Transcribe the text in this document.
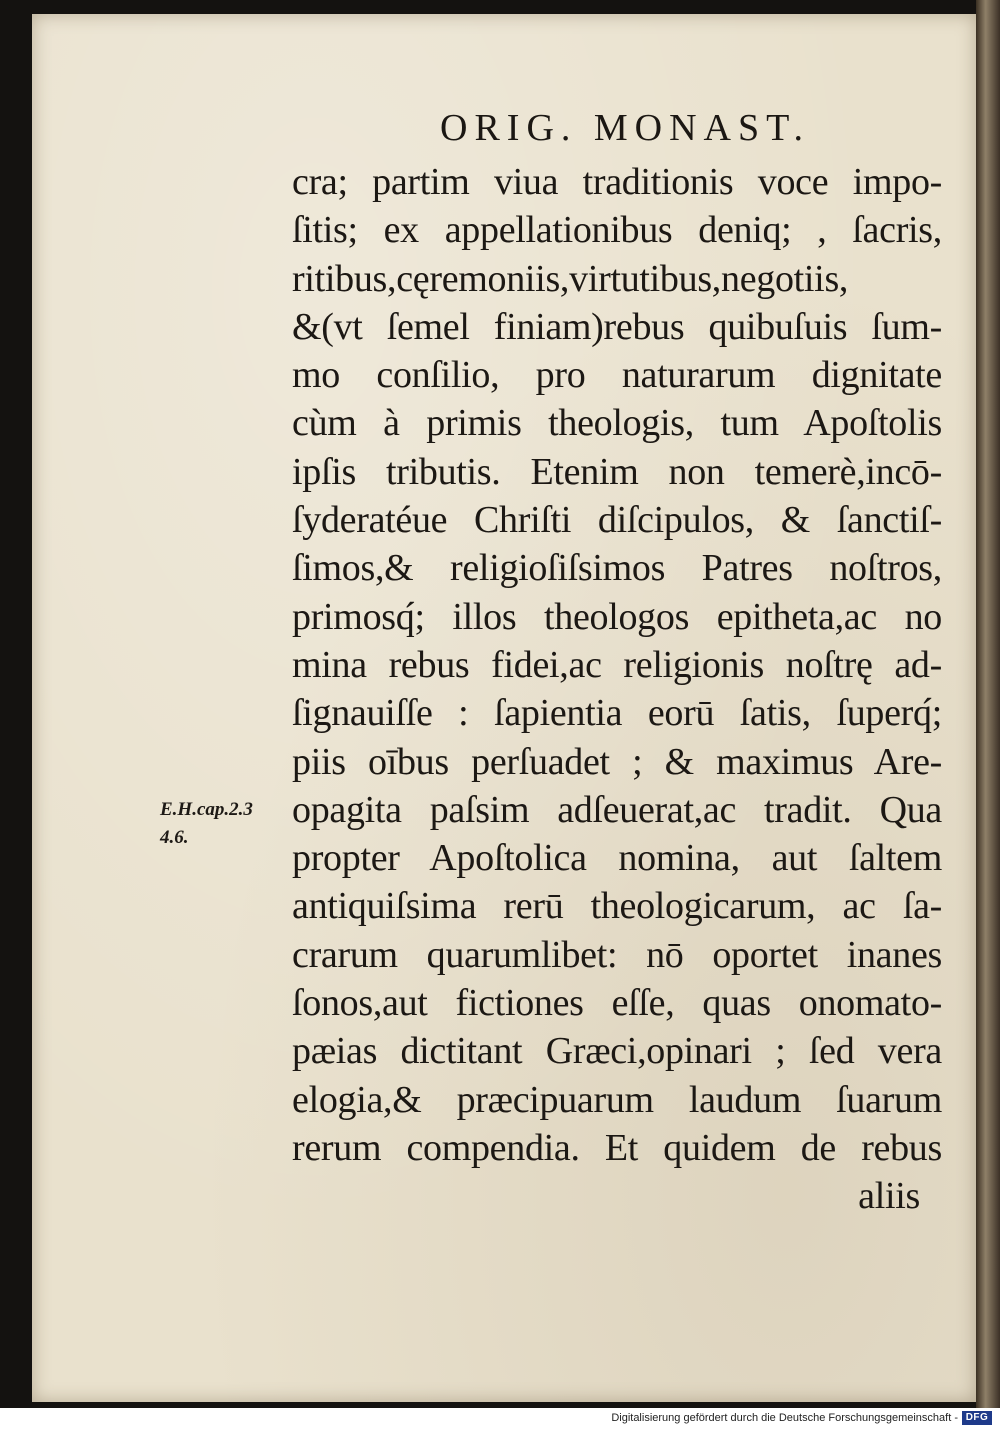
ORIG. MONAST.
E.H.cap.2.3
4.6.
cra; partim viua traditionis voce impo-
ſitis; ex appellationibus deniq; , ſacris,
ritibus,cęremoniis,virtutibus,negotiis,
&(vt ſemel finiam)rebus quibuſuis ſum-
mo conſilio, pro naturarum dignitate
cùm à primis theologis, tum Apoſtolis
ipſis tributis. Etenim non temerè,incō-
ſyderatéue Chriſti diſcipulos, & ſanctiſ-
ſimos,& religioſiſsimos Patres noſtros,
primosq́; illos theologos epitheta,ac no
mina rebus fidei,ac religionis noſtrę ad-
ſignauiſſe : ſapientia eorū ſatis, ſuperq́;
piis oībus perſuadet ; & maximus Are-
opagita paſsim adſeuerat,ac tradit. Qua
propter Apoſtolica nomina, aut ſaltem
antiquiſsima rerū theologicarum, ac ſa-
crarum quarumlibet: nō oportet inanes
ſonos,aut fictiones eſſe, quas onomato-
pæias dictitant Græci,opinari ; ſed vera
elogia,& præcipuarum laudum ſuarum
rerum compendia. Et quidem de rebus
aliis
Digitalisierung gefördert durch die Deutsche Forschungsgemeinschaft - DFG
